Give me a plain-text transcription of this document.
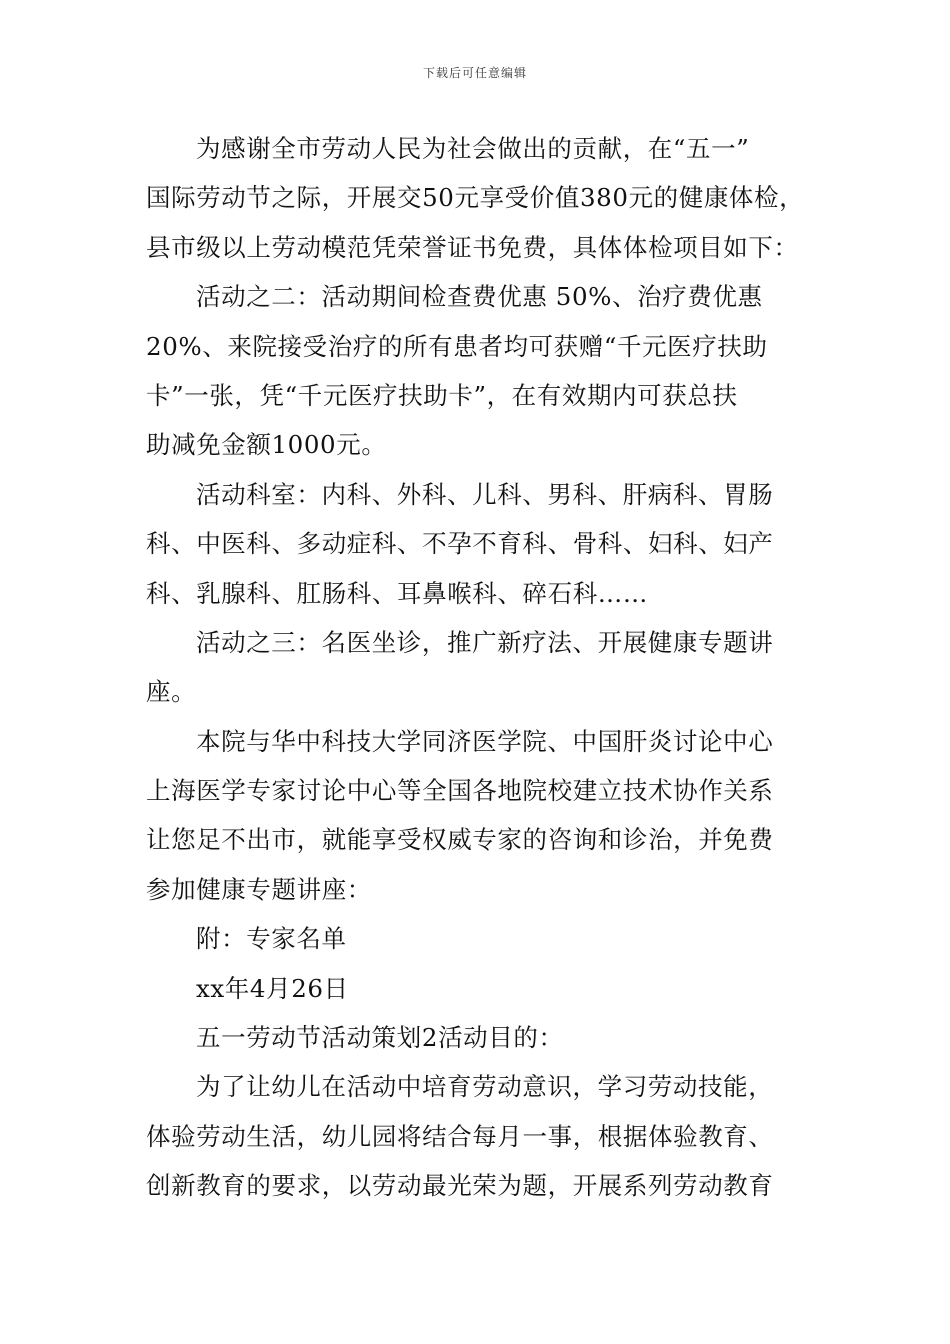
下载后可任意编辑
为感谢全市劳动人民为社会做出的贡献，在“五一”
国际劳动节之际，开展交50元享受价值380元的健康体检，
县市级以上劳动模范凭荣誉证书免费，具体体检项目如下：
活动之二：活动期间检查费优惠 50%、治疗费优惠
20%、来院接受治疗的所有患者均可获赠“千元医疗扶助
卡”一张，凭“千元医疗扶助卡”，在有效期内可获总扶
助减免金额1000元。
活动科室：内科、外科、儿科、男科、肝病科、胃肠
科、中医科、多动症科、不孕不育科、骨科、妇科、妇产
科、乳腺科、肛肠科、耳鼻喉科、碎石科……
活动之三：名医坐诊，推广新疗法、开展健康专题讲
座。
本院与华中科技大学同济医学院、中国肝炎讨论中心
上海医学专家讨论中心等全国各地院校建立技术协作关系
让您足不出市，就能享受权威专家的咨询和诊治，并免费
参加健康专题讲座：
附：专家名单
xx年4月26日
五一劳动节活动策划2活动目的：
为了让幼儿在活动中培育劳动意识，学习劳动技能，
体验劳动生活，幼儿园将结合每月一事，根据体验教育、
创新教育的要求，以劳动最光荣为题，开展系列劳动教育
